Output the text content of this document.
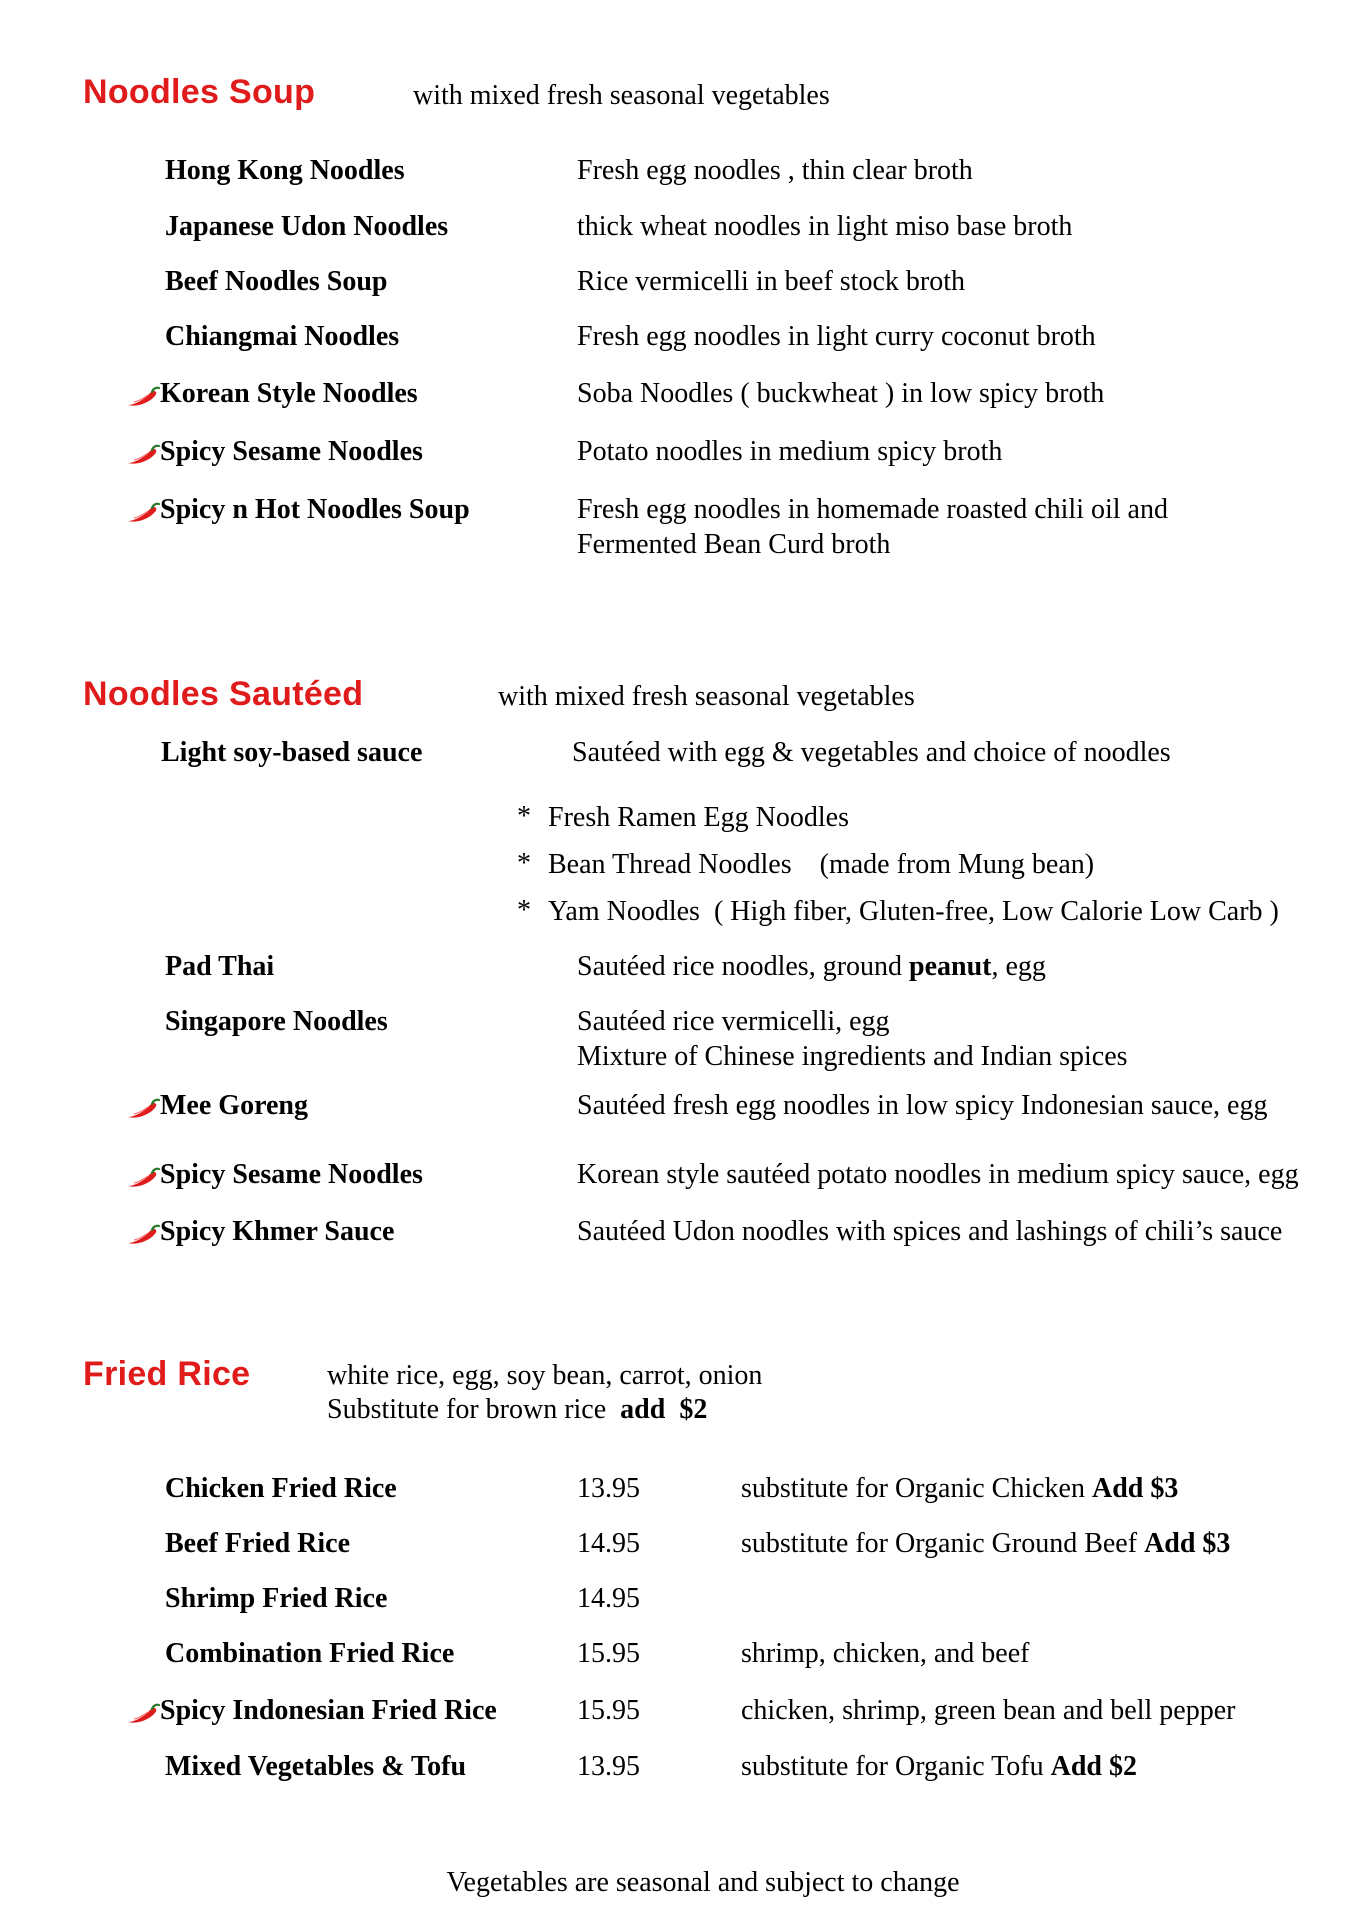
Noodles Soup	with mixed fresh seasonal vegetables
Hong Kong Noodles	Fresh egg noodles , thin clear broth
Japanese Udon Noodles	thick wheat noodles in light miso base broth
Beef Noodles Soup	Rice vermicelli in beef stock broth
Chiangmai Noodles	Fresh egg noodles in light curry coconut broth
Korean Style Noodles	Soba Noodles ( buckwheat ) in low spicy broth
Spicy Sesame Noodles	Potato noodles in medium spicy broth
Spicy n Hot Noodles Soup	Fresh egg noodles in homemade roasted chili oil and
Fermented Bean Curd broth
Noodles Sautéed	with mixed fresh seasonal vegetables
Light soy-based sauce	Sautéed with egg & vegetables and choice of noodles
* Fresh Ramen Egg Noodles
* Bean Thread Noodles    (made from Mung bean)
* Yam Noodles  ( High fiber, Gluten-free, Low Calorie Low Carb )
Pad Thai	Sautéed rice noodles, ground peanut, egg
Singapore Noodles	Sautéed rice vermicelli, egg
Mixture of Chinese ingredients and Indian spices
Mee Goreng	Sautéed fresh egg noodles in low spicy Indonesian sauce, egg
Spicy Sesame Noodles	Korean style sautéed potato noodles in medium spicy sauce, egg
Spicy Khmer Sauce	Sautéed Udon noodles with spices and lashings of chili’s sauce
Fried Rice	white rice, egg, soy bean, carrot, onion
Substitute for brown rice  add  $2
Chicken Fried Rice	13.95	substitute for Organic Chicken Add $3
Beef Fried Rice	14.95	substitute for Organic Ground Beef Add $3
Shrimp Fried Rice	14.95
Combination Fried Rice	15.95	shrimp, chicken, and beef
Spicy Indonesian Fried Rice	15.95	chicken, shrimp, green bean and bell pepper
Mixed Vegetables & Tofu	13.95	substitute for Organic Tofu Add $2
Vegetables are seasonal and subject to change
